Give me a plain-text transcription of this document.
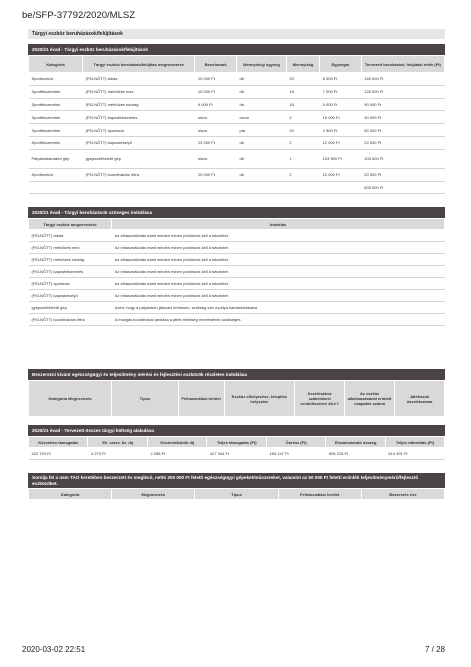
be/SFP-37792/2020/MLSZ
Tárgyi eszköz beruházások/felújítások
2020/21 évad - Tárgyi eszköz beruházások/felújítások
Kategória	Tárgyi eszköz beruházás/felújítás megnevezése	Benchmark	Mennyiségi egység	Mennyiség	Egységár	Tervezett beruházási, felújítási érték (Ft)
Sporteszköz	(FELNŐTT) labda	10 000 Ft	db	20	8 000 Ft	160 000 Ft
Sportfelszerelés	(FELNŐTT) mérkőzés mez	10 000 Ft	db	18	7 000 Ft	126 000 Ft
Sportfelszerelés	(FELNŐTT) mérkőzés nadrág	6 000 Ft	db	18	5 000 Ft	90 000 Ft
Sportfelszerelés	(FELNŐTT) kapusfelszerelés	nincs	csom	2	15 000 Ft	30 000 Ft
Sportfelszerelés	(FELNŐTT) sportszár	nincs	pár	20	2 500 Ft	50 000 Ft
Sportfelszerelés	(FELNŐTT) kapuskesztyű	13 000 Ft	db	2	12 000 Ft	24 000 Ft
Pályakarbantartó gép	gyepszellőztető gép	nincs	db	1	103 500 Ft	103 500 Ft
Sporteszköz	(FELNŐTT) koordinációs létra	10 000 Ft	db	2	10 000 Ft	20 000 Ft
						603 500 Ft
2020/21 évad - Tárgyi beruházások szöveges indoklása
Tárgyi eszköz megnevezése	Indoklás
(FELNŐTT) labda	Az elhasználódás miatt minden évben pótolnunk kell a készletet.
(FELNŐTT) mérkőzés mez	Az elhasználódás miatt minden évben pótolnunk kell a készletet.
(FELNŐTT) mérkőzés nadrág	Az elhasználódás miatt minden évben pótolnunk kell a készletet.
(FELNŐTT) kapusfelszerelés	Az elhasználódás miatt minden évben pótolnunk kell a készletet.
(FELNŐTT) sportszár	Az elhasználódás miatt minden évben pótolnunk kell a készletet.
(FELNŐTT) kapuskesztyű	Az elhasználódás miatt minden évben pótolnunk kell a készletet.
gyepszellőztető gép	Azért, hogy a pályánkon játszani lehessen, szükség van a pálya karbantartására
(FELNŐTT) koordinációs létra	A mozgás koordináció javítása a játék minőség emelésének szükséges.
Beszerezni kívánt egészségügyi és teljesítmény mérési és fejlesztési eszközök részletes indoklása
Kategória Megnevezés	Típus	Felhasználási terület	Eszköz elhelyezése, telepítés helyszíne	Kezelésához szakembert rendelkezésre áll-e?	Az eszköz alkalmazásánál érintett csapatok száma	Játékosok összlétszáma
2020/21 évad - Tervezett összes tárgyi költség alakulása
Közvetlen támogatás	Ell. szerv. fiz. díj	Közreműködői díj	Teljes támogatás (Ft)	Önrész (Ft)	Elszámolandó összeg	Teljes ráfordítás (Ft)
422 793 Ft	4 273 Ft	2 288 Ft	427 344 Ft	183 147 Ft	606 218 Ft	610 491 Ft
Sorolja fel a nem TAO keretében beszerzett és meglévő, nettó 200 000 Ft feletti egészségügyi gépeket/műszereket, valamint az 50 000 Ft feletti erőnléti teljesítménymérő/fejlesztő eszközöket.
Kategória	Megnevezés	Típus	Felhasználási terület	Beszerzés éve
2020-03-02 22:51	7 / 28
